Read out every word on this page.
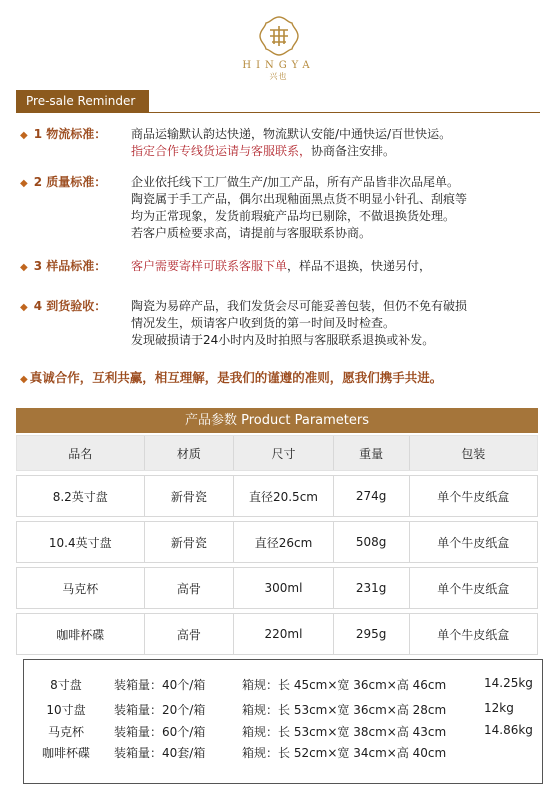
HINGYA
兴也
Pre-sale Reminder
◆ 1 物流标准： 商品运输默认韵达快递，物流默认安能/中通快运/百世快运。
指定合作专线货运请与客服联系，协商备注安排。
◆ 2 质量标准： 企业依托线下工厂做生产/加工产品，所有产品皆非次品尾单。
陶瓷属于手工产品，偶尔出现釉面黑点货不明显小针孔、刮痕等
均为正常现象，发货前瑕疵产品均已剔除，不做退换货处理。
若客户质检要求高，请提前与客服联系协商。
◆ 3 样品标准： 客户需要寄样可联系客服下单，样品不退换，快递另付，
◆ 4 到货验收： 陶瓷为易碎产品，我们发货会尽可能妥善包装，但仍不免有破损
情况发生，烦请客户收到货的第一时间及时检查。
发现破损请于24小时内及时拍照与客服联系退换或补发。
◆ 真诚合作，互利共赢，相互理解，是我们的谨遵的准则，愿我们携手共进。
产品参数 Product Parameters
品名	材质	尺寸	重量	包装
8.2英寸盘	新骨瓷	直径20.5cm	274g	单个牛皮纸盒
10.4英寸盘	新骨瓷	直径26cm	508g	单个牛皮纸盒
马克杯	高骨	300ml	231g	单个牛皮纸盒
咖啡杯碟	高骨	220ml	295g	单个牛皮纸盒
8寸盘	装箱量：40个/箱	箱规：长 45cm×宽 36cm×高 46cm	14.25kg
10寸盘	装箱量：20个/箱	箱规：长 53cm×宽 36cm×高 28cm	12kg
马克杯	装箱量：60个/箱	箱规：长 53cm×宽 38cm×高 43cm	14.86kg
咖啡杯碟	装箱量：40套/箱	箱规：长 52cm×宽 34cm×高 40cm
